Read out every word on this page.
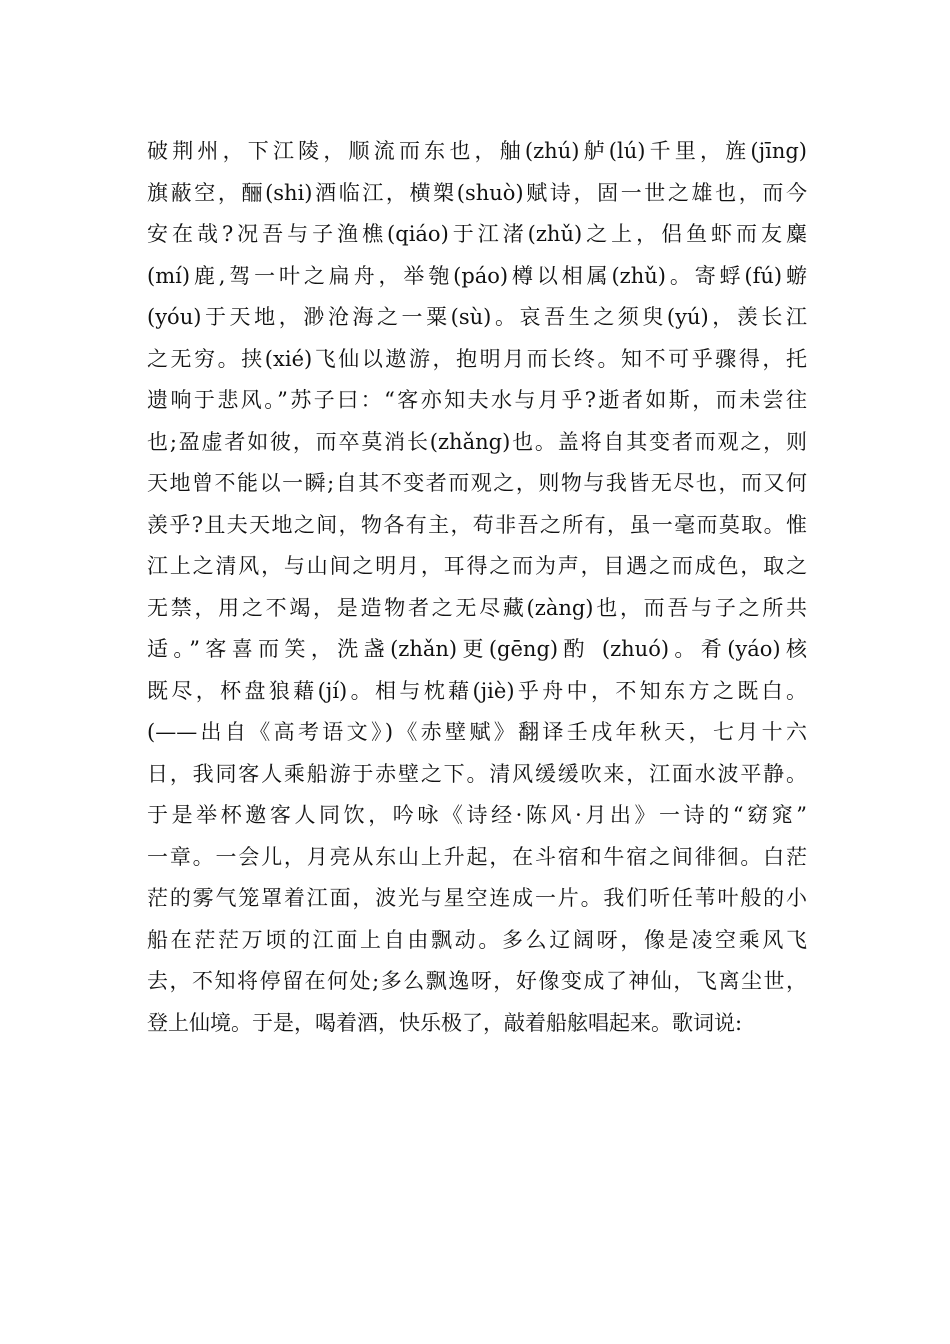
破荆州，下江陵，顺流而东也，舳(zhú)舻(lú)千里，旌(jīng)
旗蔽空，酾(shi)酒临江，横槊(shuò)赋诗，固一世之雄也，而今
安在哉?况吾与子渔樵(qiáo)于江渚(zhǔ)之上，侣鱼虾而友麋
(mí)鹿,驾一叶之扁舟，举匏(páo)樽以相属(zhǔ)。寄蜉(fú)蝣
(yóu)于天地，渺沧海之一粟(sù)。哀吾生之须臾(yú)，羡长江
之无穷。挟(xié)飞仙以遨游，抱明月而长终。知不可乎骤得，托
遗响于悲风。”苏子曰：“客亦知夫水与月乎?逝者如斯，而未尝往
也;盈虚者如彼，而卒莫消长(zhǎng)也。盖将自其变者而观之，则
天地曾不能以一瞬;自其不变者而观之，则物与我皆无尽也，而又何
羡乎?且夫天地之间，物各有主，苟非吾之所有，虽一毫而莫取。惟
江上之清风，与山间之明月，耳得之而为声，目遇之而成色，取之
无禁，用之不竭，是造物者之无尽藏(zàng)也，而吾与子之所共
适。”客喜而笑，洗盏(zhǎn)更(gēng)酌 (zhuó)。肴(yáo)核
既尽，杯盘狼藉(jí)。相与枕藉(jiè)乎舟中，不知东方之既白。
(——出自《高考语文》)《赤壁赋》翻译壬戌年秋天，七月十六
日，我同客人乘船游于赤壁之下。清风缓缓吹来，江面水波平静。
于是举杯邀客人同饮，吟咏《诗经·陈风·月出》一诗的“窈窕”
一章。一会儿，月亮从东山上升起，在斗宿和牛宿之间徘徊。白茫
茫的雾气笼罩着江面，波光与星空连成一片。我们听任苇叶般的小
船在茫茫万顷的江面上自由飘动。多么辽阔呀，像是凌空乘风飞
去，不知将停留在何处;多么飘逸呀，好像变成了神仙，飞离尘世，
登上仙境。于是，喝着酒，快乐极了，敲着船舷唱起来。歌词说:
